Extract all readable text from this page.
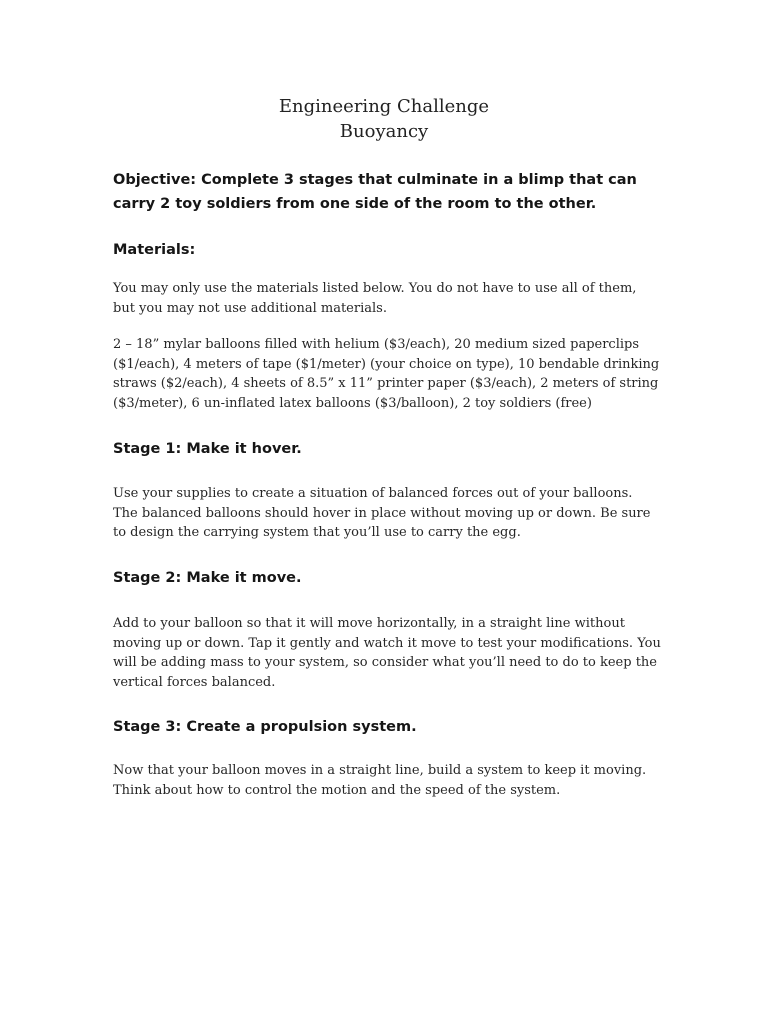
Engineering Challenge
Buoyancy
Objective: Complete 3 stages that culminate in a blimp that can carry 2 toy soldiers from one side of the room to the other.
Materials:
You may only use the materials listed below. You do not have to use all of them, but you may not use additional materials.
2 – 18” mylar balloons filled with helium ($3/each), 20 medium sized paperclips ($1/each), 4 meters of tape ($1/meter) (your choice on type), 10 bendable drinking straws ($2/each), 4 sheets of 8.5” x 11” printer paper ($3/each), 2 meters of string ($3/meter), 6 un-inflated latex balloons ($3/balloon), 2 toy soldiers (free)
Stage 1: Make it hover.
Use your supplies to create a situation of balanced forces out of your balloons. The balanced balloons should hover in place without moving up or down. Be sure to design the carrying system that you’ll use to carry the egg.
Stage 2: Make it move.
Add to your balloon so that it will move horizontally, in a straight line without moving up or down. Tap it gently and watch it move to test your modifications. You will be adding mass to your system, so consider what you’ll need to do to keep the vertical forces balanced.
Stage 3: Create a propulsion system.
Now that your balloon moves in a straight line, build a system to keep it moving. Think about how to control the motion and the speed of the system.
